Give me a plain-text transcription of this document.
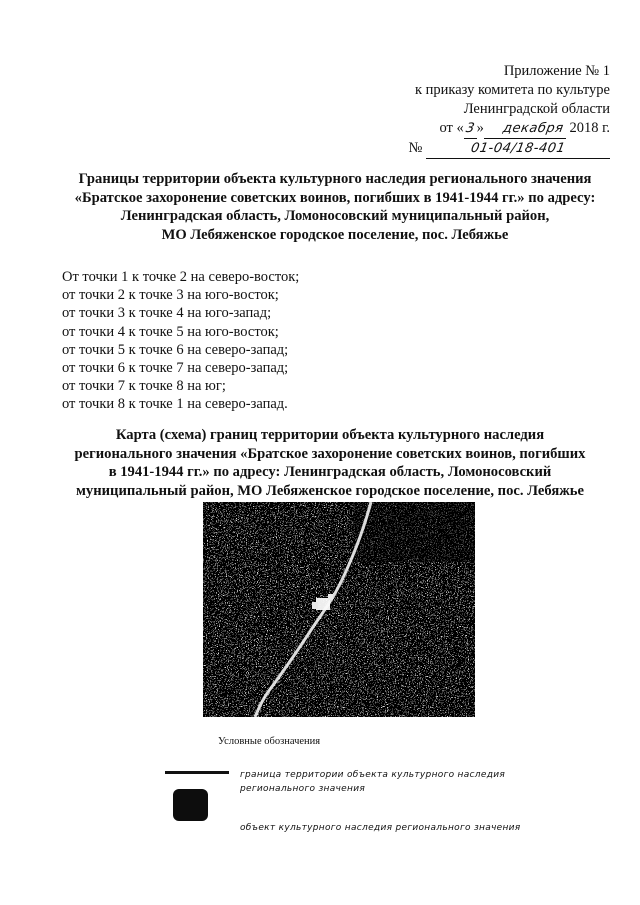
Приложение № 1
к приказу комитета по культуре
Ленинградской области
от «3» декабря 2018 г.
№	01-04/18-401
Границы территории объекта культурного наследия регионального значения
«Братское захоронение советских воинов, погибших в 1941-1944 гг.» по адресу:
Ленинградская область, Ломоносовский муниципальный район,
МО Лебяженское городское поселение, пос. Лебяжье
От точки 1 к точке 2 на северо-восток;
от точки 2 к точке 3 на юго-восток;
от точки 3 к точке 4 на юго-запад;
от точки 4 к точке 5 на юго-восток;
от точки 5 к точке 6 на северо-запад;
от точки 6 к точке 7 на северо-запад;
от точки 7 к точке 8 на юг;
от точки 8 к точке 1 на северо-запад.
Карта (схема) границ территории объекта культурного наследия
регионального значения «Братское захоронение советских воинов, погибших
в 1941-1944 гг.» по адресу: Ленинградская область, Ломоносовский
муниципальный район, МО Лебяженское городское поселение, пос. Лебяжье
Условные обозначения
граница территории объекта культурного наследия
регионального значения
объект культурного наследия регионального значения
